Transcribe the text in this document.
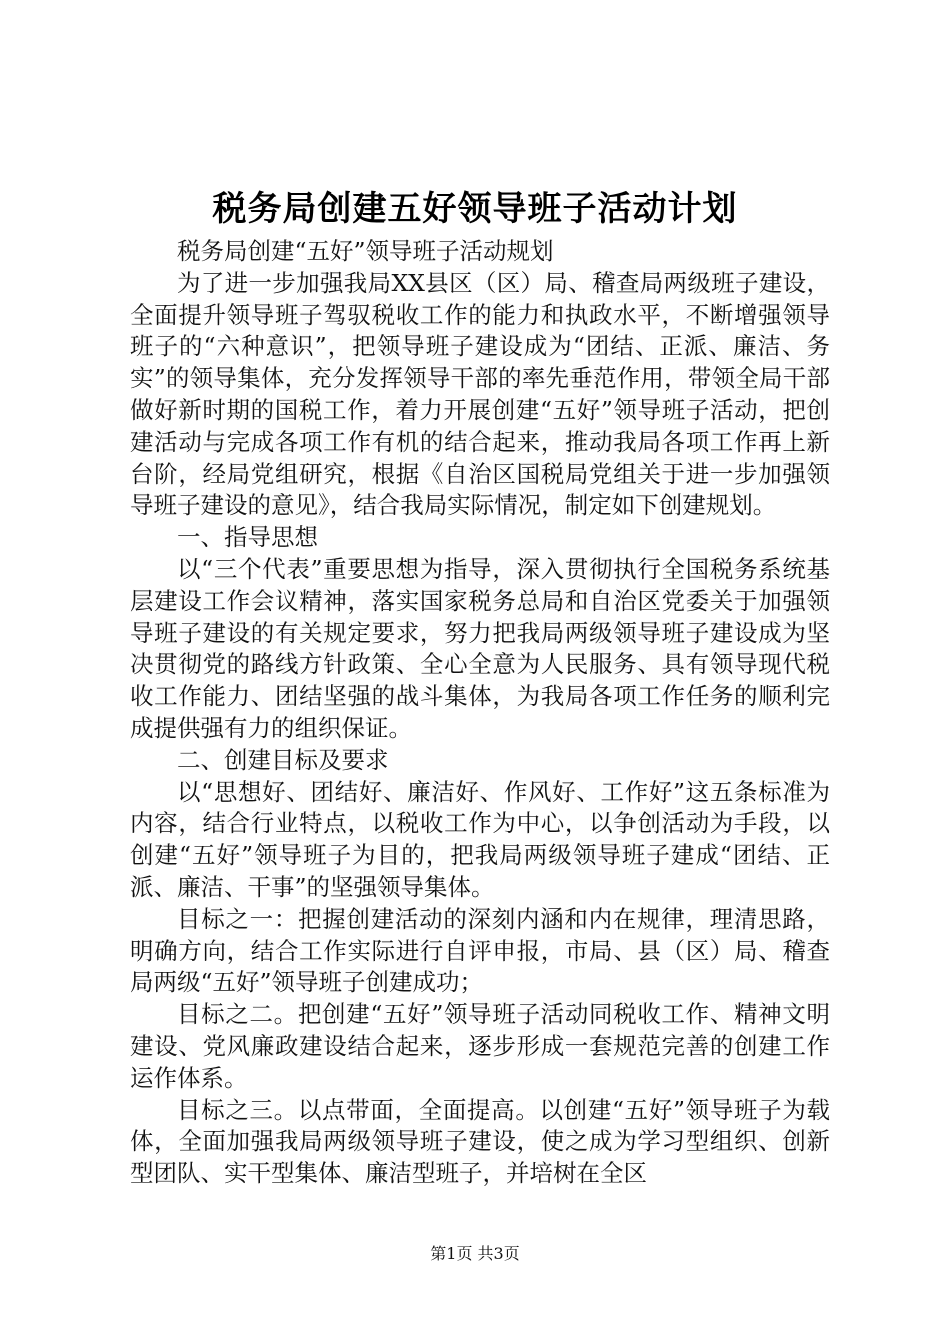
税务局创建五好领导班子活动计划

税务局创建“五好”领导班子活动规划

为了进一步加强我局XX县区（区）局、稽查局两级班子建设，全面提升领导班子驾驭税收工作的能力和执政水平，不断增强领导班子的“六种意识”，把领导班子建设成为“团结、正派、廉洁、务实”的领导集体，充分发挥领导干部的率先垂范作用，带领全局干部做好新时期的国税工作，着力开展创建“五好”领导班子活动，把创建活动与完成各项工作有机的结合起来，推动我局各项工作再上新台阶，经局党组研究，根据《自治区国税局党组关于进一步加强领导班子建设的意见》，结合我局实际情况，制定如下创建规划。

一、指导思想

以“三个代表”重要思想为指导，深入贯彻执行全国税务系统基层建设工作会议精神，落实国家税务总局和自治区党委关于加强领导班子建设的有关规定要求，努力把我局两级领导班子建设成为坚决贯彻党的路线方针政策、全心全意为人民服务、具有领导现代税收工作能力、团结坚强的战斗集体，为我局各项工作任务的顺利完成提供强有力的组织保证。

二、创建目标及要求

以“思想好、团结好、廉洁好、作风好、工作好”这五条标准为内容，结合行业特点，以税收工作为中心，以争创活动为手段，以创建“五好”领导班子为目的，把我局两级领导班子建成“团结、正派、廉洁、干事”的坚强领导集体。

目标之一：把握创建活动的深刻内涵和内在规律，理清思路，明确方向，结合工作实际进行自评申报，市局、县（区）局、稽查局两级“五好”领导班子创建成功；

目标之二。把创建“五好”领导班子活动同税收工作、精神文明建设、党风廉政建设结合起来，逐步形成一套规范完善的创建工作运作体系。

目标之三。以点带面，全面提高。以创建“五好”领导班子为载体，全面加强我局两级领导班子建设，使之成为学习型组织、创新型团队、实干型集体、廉洁型班子，并培树在全区

第1页 共3页
